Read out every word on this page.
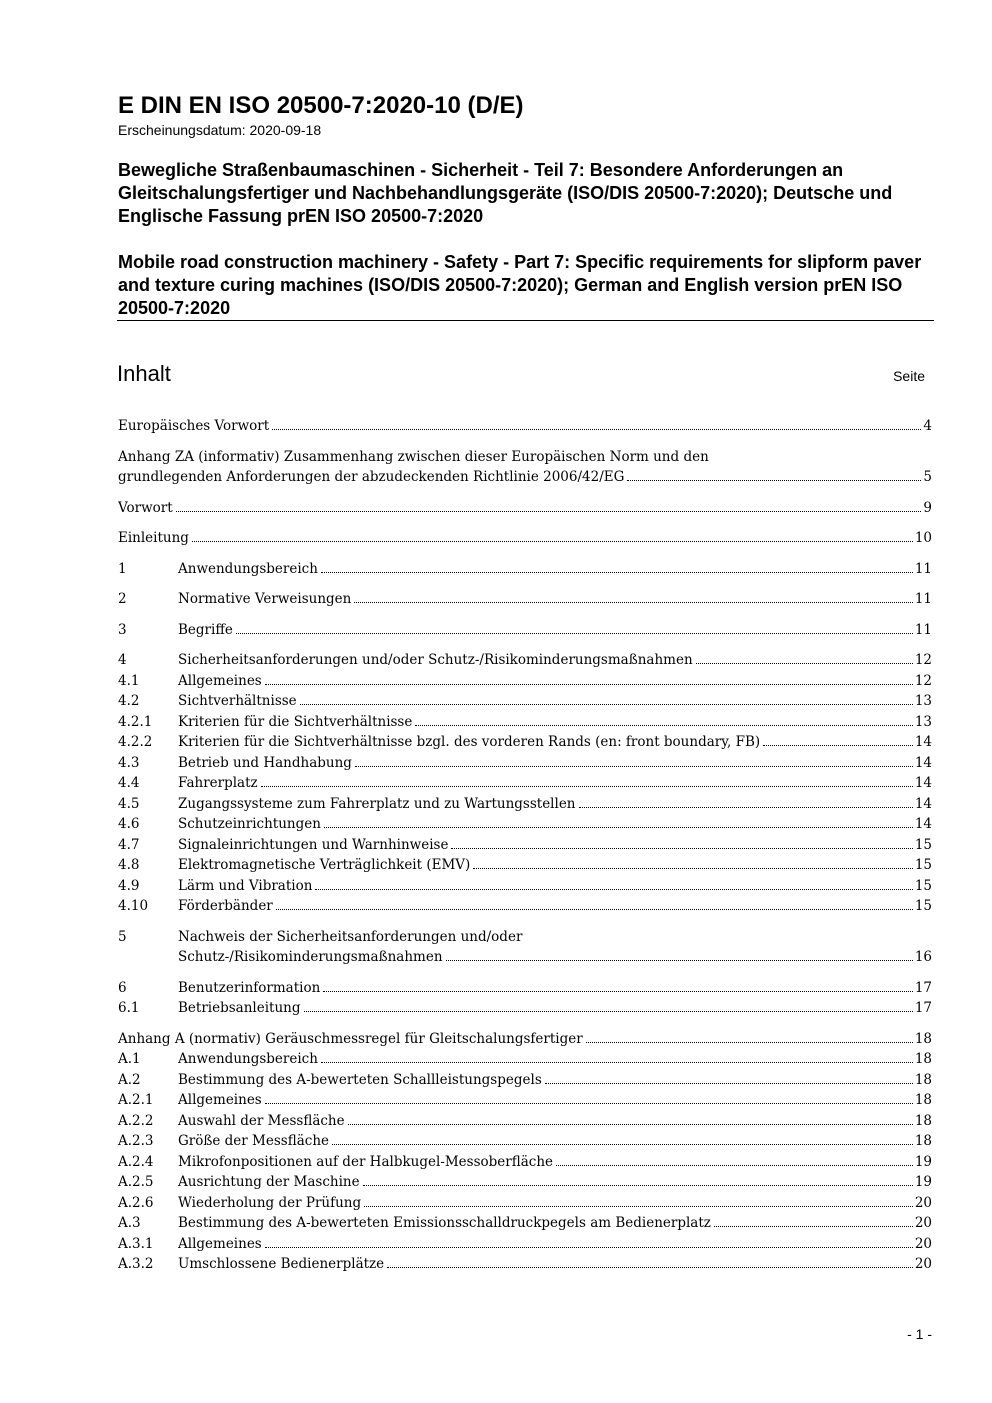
E DIN EN ISO 20500-7:2020-10 (D/E)
Erscheinungsdatum: 2020-09-18

Bewegliche Straßenbaumaschinen - Sicherheit - Teil 7: Besondere Anforderungen an Gleitschalungsfertiger und Nachbehandlungsgeräte (ISO/DIS 20500-7:2020); Deutsche und Englische Fassung prEN ISO 20500-7:2020

Mobile road construction machinery - Safety - Part 7: Specific requirements for slipform paver and texture curing machines (ISO/DIS 20500-7:2020); German and English version prEN ISO 20500-7:2020

Inhalt	Seite
Europäisches Vorwort	4
Anhang ZA (informativ) Zusammenhang zwischen dieser Europäischen Norm und den
grundlegenden Anforderungen der abzudeckenden Richtlinie 2006/42/EG	5
Vorwort	9
Einleitung	10
1	Anwendungsbereich	11
2	Normative Verweisungen	11
3	Begriffe	11
4	Sicherheitsanforderungen und/oder Schutz-/Risikominderungsmaßnahmen	12
4.1	Allgemeines	12
4.2	Sichtverhältnisse	13
4.2.1 Kriterien für die Sichtverhältnisse	13
4.2.2 Kriterien für die Sichtverhältnisse bzgl. des vorderen Rands (en: front boundary, FB)	14
4.3	Betrieb und Handhabung	14
4.4	Fahrerplatz	14
4.5	Zugangssysteme zum Fahrerplatz und zu Wartungsstellen	14
4.6	Schutzeinrichtungen	14
4.7	Signaleinrichtungen und Warnhinweise	15
4.8	Elektromagnetische Verträglichkeit (EMV)	15
4.9	Lärm und Vibration	15
4.10 Förderbänder	15
5	Nachweis der Sicherheitsanforderungen und/oder
Schutz-/Risikominderungsmaßnahmen	16
6	Benutzerinformation	17
6.1	Betriebsanleitung	17
Anhang A (normativ) Geräuschmessregel für Gleitschalungsfertiger	18
A.1	Anwendungsbereich	18
A.2	Bestimmung des A-bewerteten Schallleistungspegels	18
A.2.1 Allgemeines	18
A.2.2 Auswahl der Messfläche	18
A.2.3 Größe der Messfläche	18
A.2.4 Mikrofonpositionen auf der Halbkugel-Messoberfläche	19
A.2.5 Ausrichtung der Maschine	19
A.2.6 Wiederholung der Prüfung	20
A.3	Bestimmung des A-bewerteten Emissionsschalldruckpegels am Bedienerplatz	20
A.3.1 Allgemeines	20
A.3.2 Umschlossene Bedienerplätze	20
- 1 -
